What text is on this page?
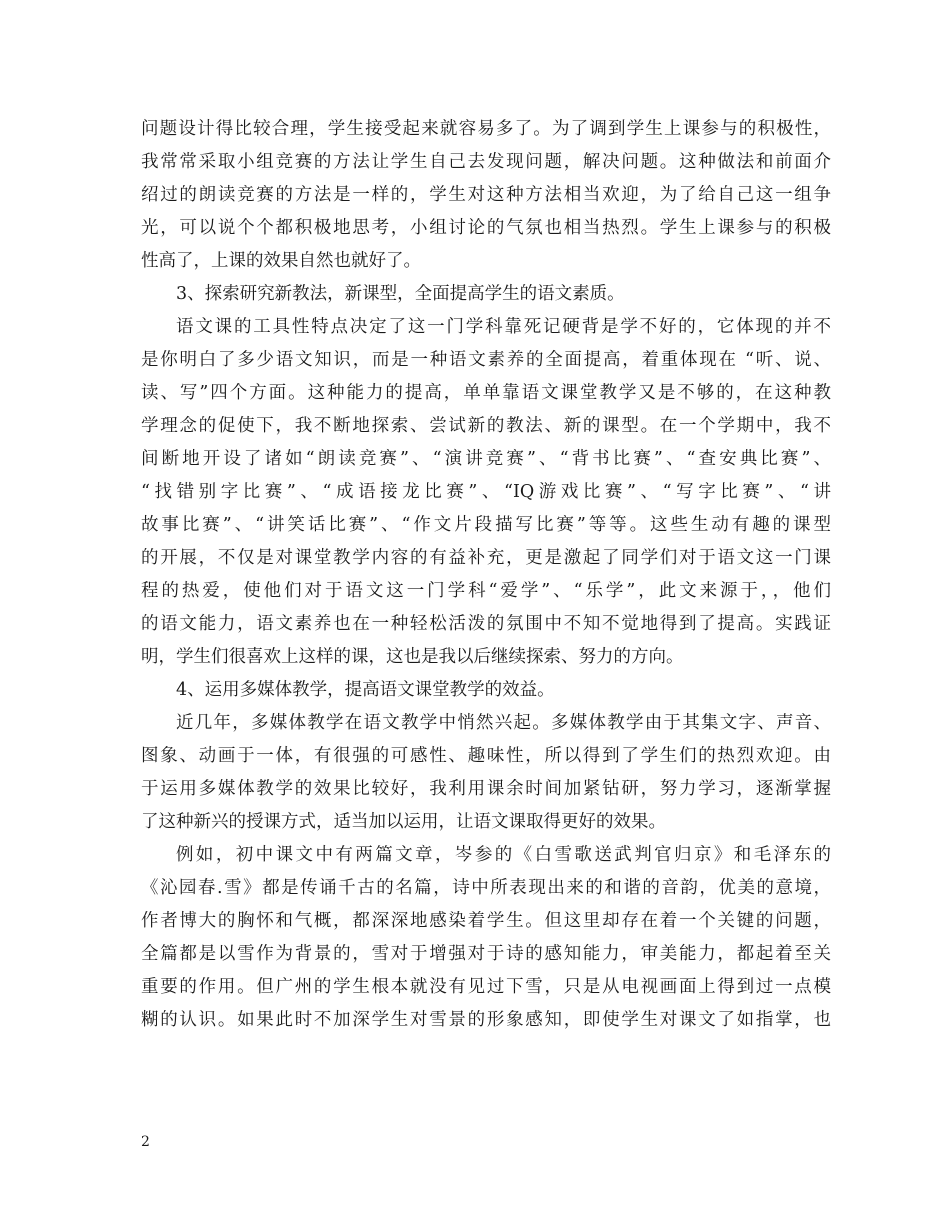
问题设计得比较合理，学生接受起来就容易多了。为了调到学生上课参与的积极性，
我常常采取小组竞赛的方法让学生自己去发现问题，解决问题。这种做法和前面介
绍过的朗读竞赛的方法是一样的，学生对这种方法相当欢迎，为了给自己这一组争
光，可以说个个都积极地思考，小组讨论的气氛也相当热烈。学生上课参与的积极
性高了，上课的效果自然也就好了。
3、探索研究新教法，新课型，全面提高学生的语文素质。
语文课的工具性特点决定了这一门学科靠死记硬背是学不好的，它体现的并不
是你明白了多少语文知识，而是一种语文素养的全面提高，着重体现在 “听、说、
读、写”四个方面。这种能力的提高，单单靠语文课堂教学又是不够的，在这种教
学理念的促使下，我不断地探索、尝试新的教法、新的课型。在一个学期中，我不
间断地开设了诸如“朗读竞赛”、“演讲竞赛”、“背书比赛”、“查安典比赛”、
“找错别字比赛”、“成语接龙比赛”、“IQ游戏比赛”、“写字比赛”、“讲
故事比赛”、“讲笑话比赛”、“作文片段描写比赛”等等。这些生动有趣的课型
的开展，不仅是对课堂教学内容的有益补充，更是激起了同学们对于语文这一门课
程的热爱，使他们对于语文这一门学科“爱学”、“乐学”，此文来源于，，他们
的语文能力，语文素养也在一种轻松活泼的氛围中不知不觉地得到了提高。实践证
明，学生们很喜欢上这样的课，这也是我以后继续探索、努力的方向。
4、运用多媒体教学，提高语文课堂教学的效益。
近几年，多媒体教学在语文教学中悄然兴起。多媒体教学由于其集文字、声音、
图象、动画于一体，有很强的可感性、趣味性，所以得到了学生们的热烈欢迎。由
于运用多媒体教学的效果比较好，我利用课余时间加紧钻研，努力学习，逐渐掌握
了这种新兴的授课方式，适当加以运用，让语文课取得更好的效果。
例如，初中课文中有两篇文章，岑参的《白雪歌送武判官归京》和毛泽东的
《沁园春.雪》都是传诵千古的名篇，诗中所表现出来的和谐的音韵，优美的意境，
作者博大的胸怀和气概，都深深地感染着学生。但这里却存在着一个关键的问题，
全篇都是以雪作为背景的，雪对于增强对于诗的感知能力，审美能力，都起着至关
重要的作用。但广州的学生根本就没有见过下雪，只是从电视画面上得到过一点模
糊的认识。如果此时不加深学生对雪景的形象感知，即使学生对课文了如指掌，也
2
